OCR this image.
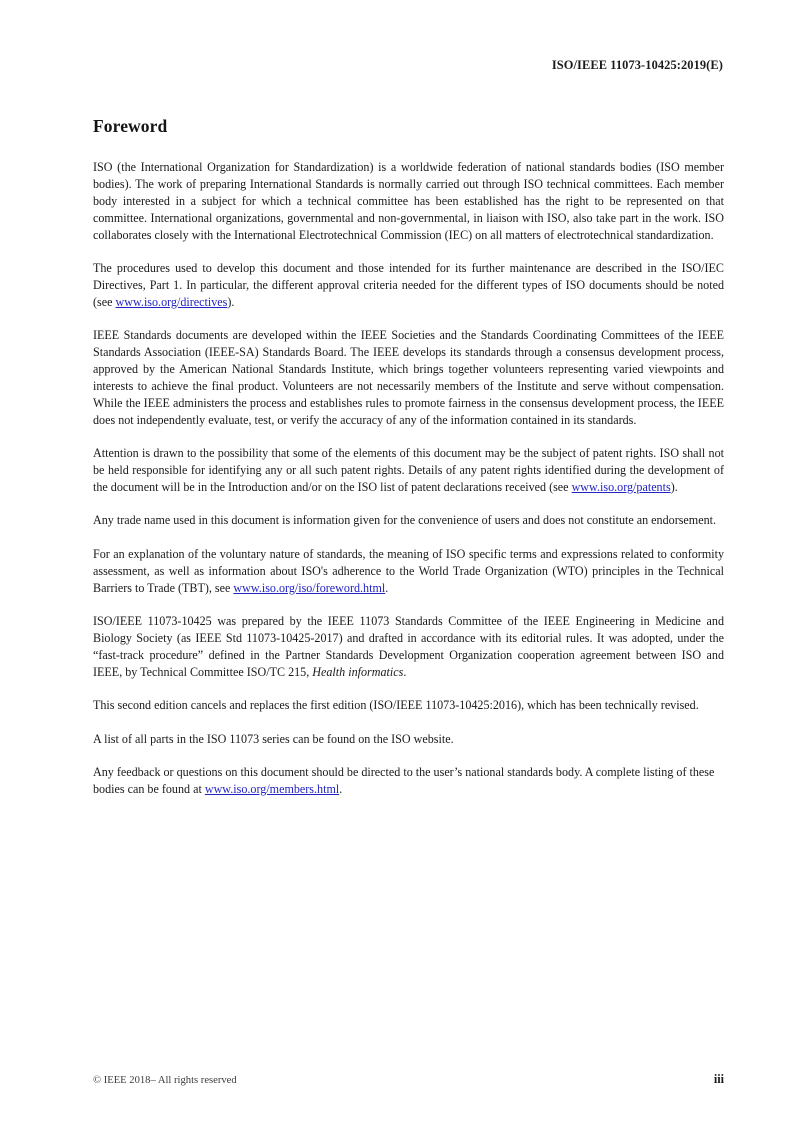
ISO/IEEE 11073-10425:2019(E)
Foreword

ISO (the International Organization for Standardization) is a worldwide federation of national standards bodies (ISO member bodies). The work of preparing International Standards is normally carried out through ISO technical committees. Each member body interested in a subject for which a technical committee has been established has the right to be represented on that committee. International organizations, governmental and non-governmental, in liaison with ISO, also take part in the work. ISO collaborates closely with the International Electrotechnical Commission (IEC) on all matters of electrotechnical standardization.

The procedures used to develop this document and those intended for its further maintenance are described in the ISO/IEC Directives, Part 1. In particular, the different approval criteria needed for the different types of ISO documents should be noted (see www.iso.org/directives).

IEEE Standards documents are developed within the IEEE Societies and the Standards Coordinating Committees of the IEEE Standards Association (IEEE-SA) Standards Board. The IEEE develops its standards through a consensus development process, approved by the American National Standards Institute, which brings together volunteers representing varied viewpoints and interests to achieve the final product. Volunteers are not necessarily members of the Institute and serve without compensation. While the IEEE administers the process and establishes rules to promote fairness in the consensus development process, the IEEE does not independently evaluate, test, or verify the accuracy of any of the information contained in its standards.

Attention is drawn to the possibility that some of the elements of this document may be the subject of patent rights. ISO shall not be held responsible for identifying any or all such patent rights. Details of any patent rights identified during the development of the document will be in the Introduction and/or on the ISO list of patent declarations received (see www.iso.org/patents).

Any trade name used in this document is information given for the convenience of users and does not constitute an endorsement.

For an explanation of the voluntary nature of standards, the meaning of ISO specific terms and expressions related to conformity assessment, as well as information about ISO's adherence to the World Trade Organization (WTO) principles in the Technical Barriers to Trade (TBT), see www.iso.org/iso/foreword.html.

ISO/IEEE 11073-10425 was prepared by the IEEE 11073 Standards Committee of the IEEE Engineering in Medicine and Biology Society (as IEEE Std 11073-10425-2017) and drafted in accordance with its editorial rules. It was adopted, under the “fast-track procedure” defined in the Partner Standards Development Organization cooperation agreement between ISO and IEEE, by Technical Committee ISO/TC 215, Health informatics.

This second edition cancels and replaces the first edition (ISO/IEEE 11073-10425:2016), which has been technically revised.

A list of all parts in the ISO 11073 series can be found on the ISO website.

Any feedback or questions on this document should be directed to the user’s national standards body. A complete listing of these bodies can be found at www.iso.org/members.html.

© IEEE 2018– All rights reserved	iii
